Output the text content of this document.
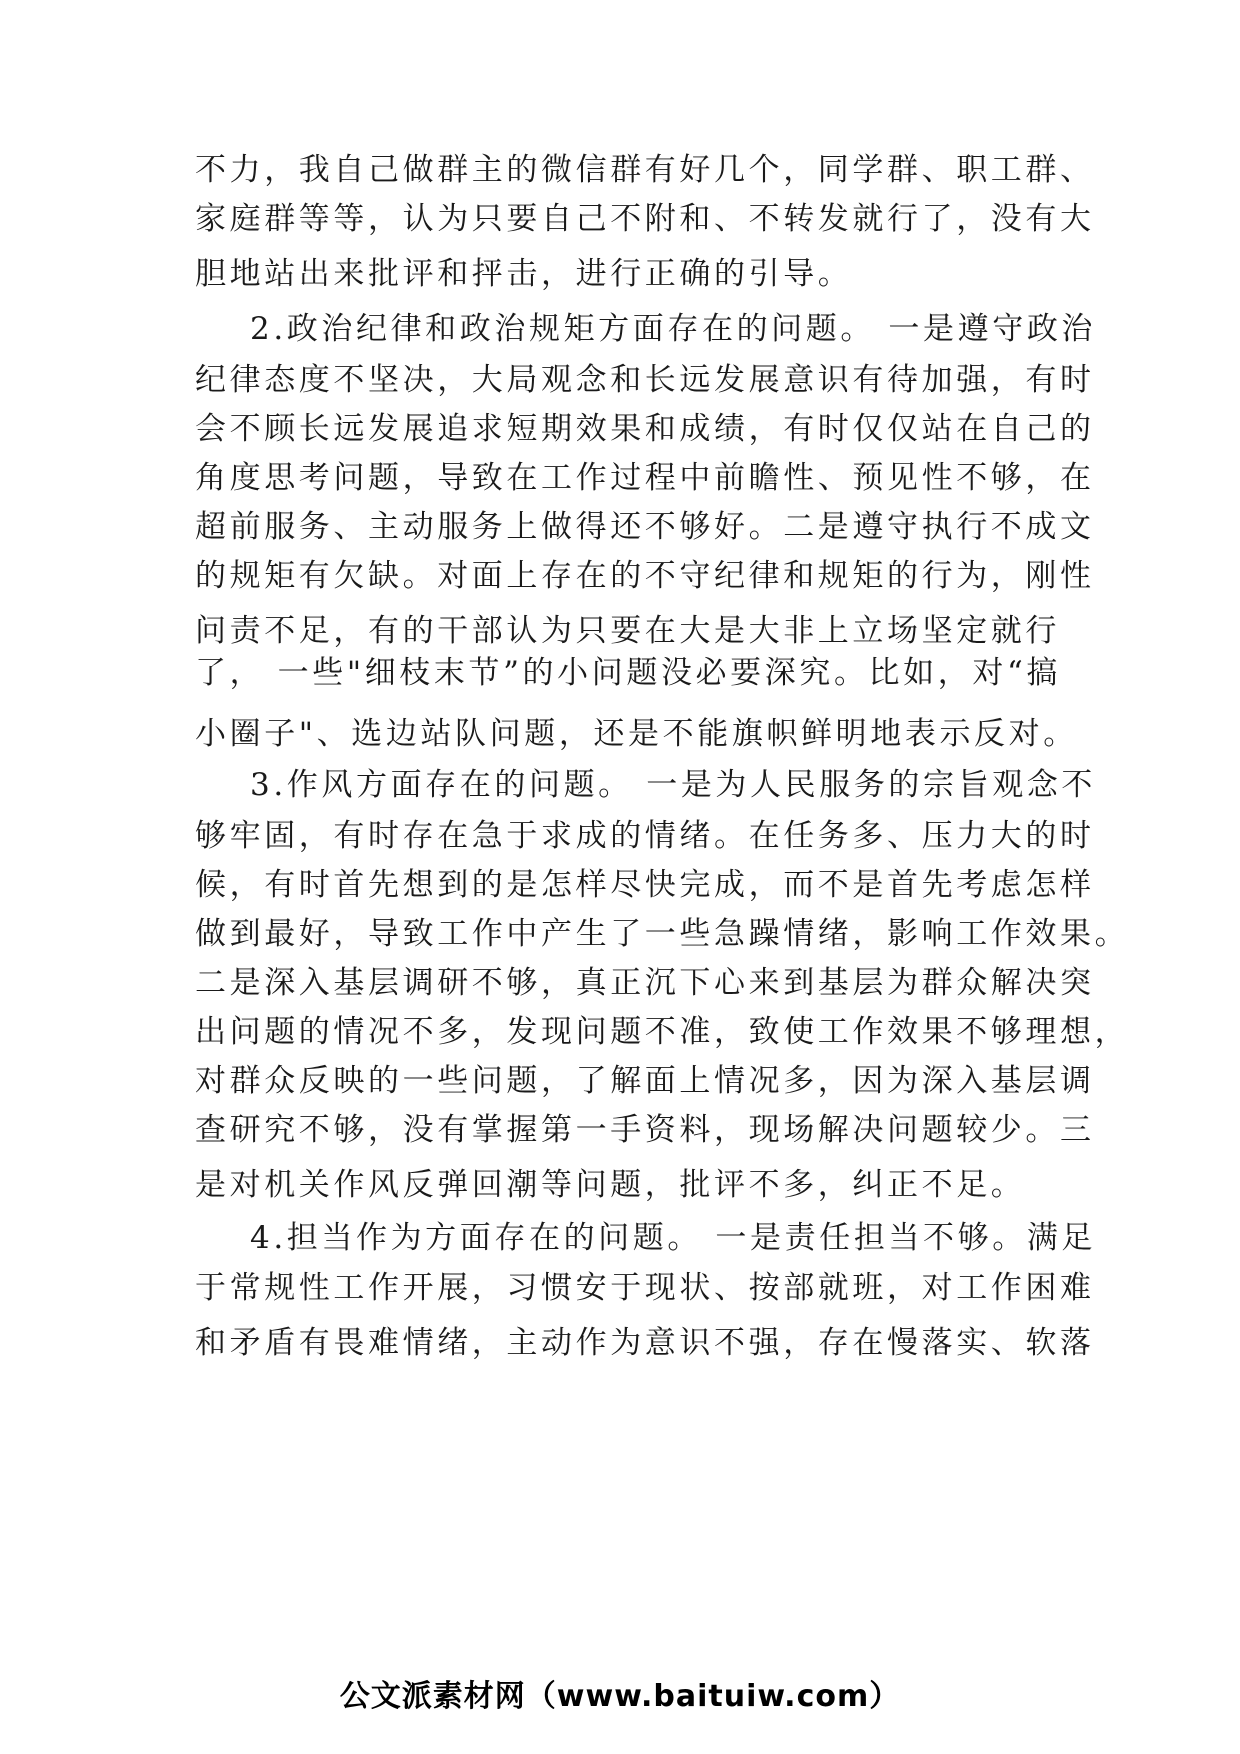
不力，我自己做群主的微信群有好几个，同学群、职工群、
家庭群等等，认为只要自己不附和、不转发就行了，没有大
胆地站出来批评和抨击，进行正确的引导。
2.政治纪律和政治规矩方面存在的问题。 一是遵守政治
纪律态度不坚决，大局观念和长远发展意识有待加强，有时
会不顾长远发展追求短期效果和成绩，有时仅仅站在自己的
角度思考问题，导致在工作过程中前瞻性、预见性不够，在
超前服务、主动服务上做得还不够好。二是遵守执行不成文
的规矩有欠缺。对面上存在的不守纪律和规矩的行为，刚性
问责不足，有的干部认为只要在大是大非上立场坚定就行
了， 一些"细枝末节”的小问题没必要深究。比如，对“搞
小圈子"、选边站队问题，还是不能旗帜鲜明地表示反对。
3.作风方面存在的问题。 一是为人民服务的宗旨观念不
够牢固，有时存在急于求成的情绪。在任务多、压力大的时
候，有时首先想到的是怎样尽快完成，而不是首先考虑怎样
做到最好，导致工作中产生了一些急躁情绪，影响工作效果。
二是深入基层调研不够，真正沉下心来到基层为群众解决突
出问题的情况不多，发现问题不准，致使工作效果不够理想，
对群众反映的一些问题，了解面上情况多，因为深入基层调
查研究不够，没有掌握第一手资料，现场解决问题较少。三
是对机关作风反弹回潮等问题，批评不多，纠正不足。
4.担当作为方面存在的问题。 一是责任担当不够。满足
于常规性工作开展，习惯安于现状、按部就班，对工作困难
和矛盾有畏难情绪，主动作为意识不强，存在慢落实、软落
公文派素材网（www.baituiw.com）
